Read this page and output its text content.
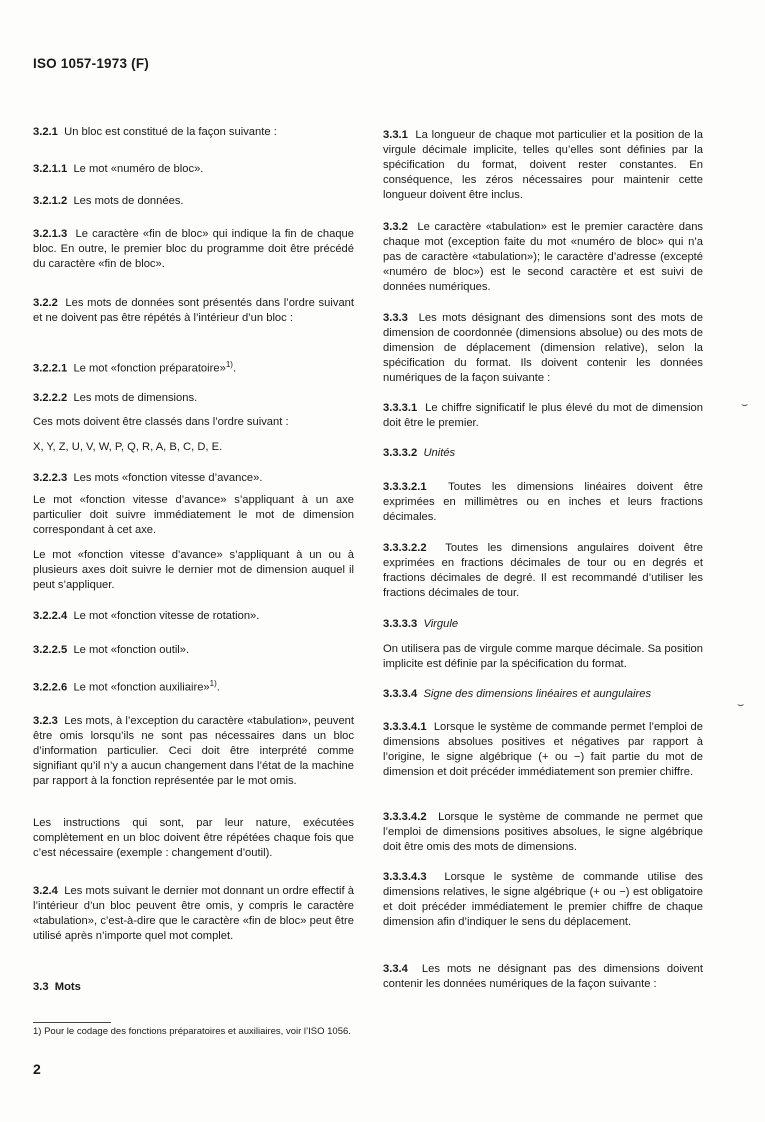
ISO 1057-1973 (F)

3.2.1 Un bloc est constitué de la façon suivante :

3.2.1.1 Le mot «numéro de bloc».

3.2.1.2 Les mots de données.

3.2.1.3 Le caractère «fin de bloc» qui indique la fin de chaque bloc. En outre, le premier bloc du programme doit être précédé du caractère «fin de bloc».

3.2.2 Les mots de données sont présentés dans l’ordre suivant et ne doivent pas être répétés à l’intérieur d’un bloc :

3.2.2.1 Le mot «fonction préparatoire»$^{1)}$.

3.2.2.2 Les mots de dimensions.

Ces mots doivent être classés dans l’ordre suivant :

X, Y, Z, U, V, W, P, Q, R, A, B, C, D, E.

3.2.2.3 Les mots «fonction vitesse d’avance».

Le mot «fonction vitesse d’avance» s’appliquant à un axe particulier doit suivre immédiatement le mot de dimension correspondant à cet axe.

Le mot «fonction vitesse d’avance» s’appliquant à un ou à plusieurs axes doit suivre le dernier mot de dimension auquel il peut s’appliquer.

3.2.2.4 Le mot «fonction vitesse de rotation».

3.2.2.5 Le mot «fonction outil».

3.2.2.6 Le mot «fonction auxiliaire»$^{1)}$.

3.2.3 Les mots, à l’exception du caractère «tabulation», peuvent être omis lorsqu’ils ne sont pas nécessaires dans un bloc d’information particulier. Ceci doit être interprété comme signifiant qu’il n’y a aucun changement dans l’état de la machine par rapport à la fonction représentée par le mot omis.

Les instructions qui sont, par leur nature, exécutées complètement en un bloc doivent être répétées chaque fois que c’est nécessaire (exemple : changement d’outil).

3.2.4 Les mots suivant le dernier mot donnant un ordre effectif à l’intérieur d’un bloc peuvent être omis, y compris le caractère «tabulation», c’est-à-dire que le caractère «fin de bloc» peut être utilisé après n’importe quel mot complet.

3.3 Mots

3.3.1 La longueur de chaque mot particulier et la position de la virgule décimale implicite, telles qu’elles sont définies par la spécification du format, doivent rester constantes. En conséquence, les zéros nécessaires pour maintenir cette longueur doivent être inclus.

3.3.2 Le caractère «tabulation» est le premier caractère dans chaque mot (exception faite du mot «numéro de bloc» qui n’a pas de caractère «tabulation»); le caractère d’adresse (excepté «numéro de bloc») est le second caractère et est suivi de données numériques.

3.3.3 Les mots désignant des dimensions sont des mots de dimension de coordonnée (dimensions absolue) ou des mots de dimension de déplacement (dimension relative), selon la spécification du format. Ils doivent contenir les données numériques de la façon suivante :

3.3.3.1 Le chiffre significatif le plus élevé du mot de dimension doit être le premier.

3.3.3.2 Unités

3.3.3.2.1 Toutes les dimensions linéaires doivent être exprimées en millimètres ou en inches et leurs fractions décimales.

3.3.3.2.2 Toutes les dimensions angulaires doivent être exprimées en fractions décimales de tour ou en degrés et fractions décimales de degré. Il est recommandé d’utiliser les fractions décimales de tour.

3.3.3.3 Virgule

On utilisera pas de virgule comme marque décimale. Sa position implicite est définie par la spécification du format.

3.3.3.4 Signe des dimensions linéaires et aungulaires

3.3.3.4.1 Lorsque le système de commande permet l’emploi de dimensions absolues positives et négatives par rapport à l’origine, le signe algébrique (+ ou −) fait partie du mot de dimension et doit précéder immédiatement son premier chiffre.

3.3.3.4.2 Lorsque le système de commande ne permet que l’emploi de dimensions positives absolues, le signe algébrique doit être omis des mots de dimensions.

3.3.3.4.3 Lorsque le système de commande utilise des dimensions relatives, le signe algébrique (+ ou −) est obligatoire et doit précéder immédiatement le premier chiffre de chaque dimension afin d’indiquer le sens du déplacement.

3.3.4 Les mots ne désignant pas des dimensions doivent contenir les données numériques de la façon suivante :

1) Pour le codage des fonctions préparatoires et auxiliaires, voir l’ISO 1056.
2
⌣
⌣
